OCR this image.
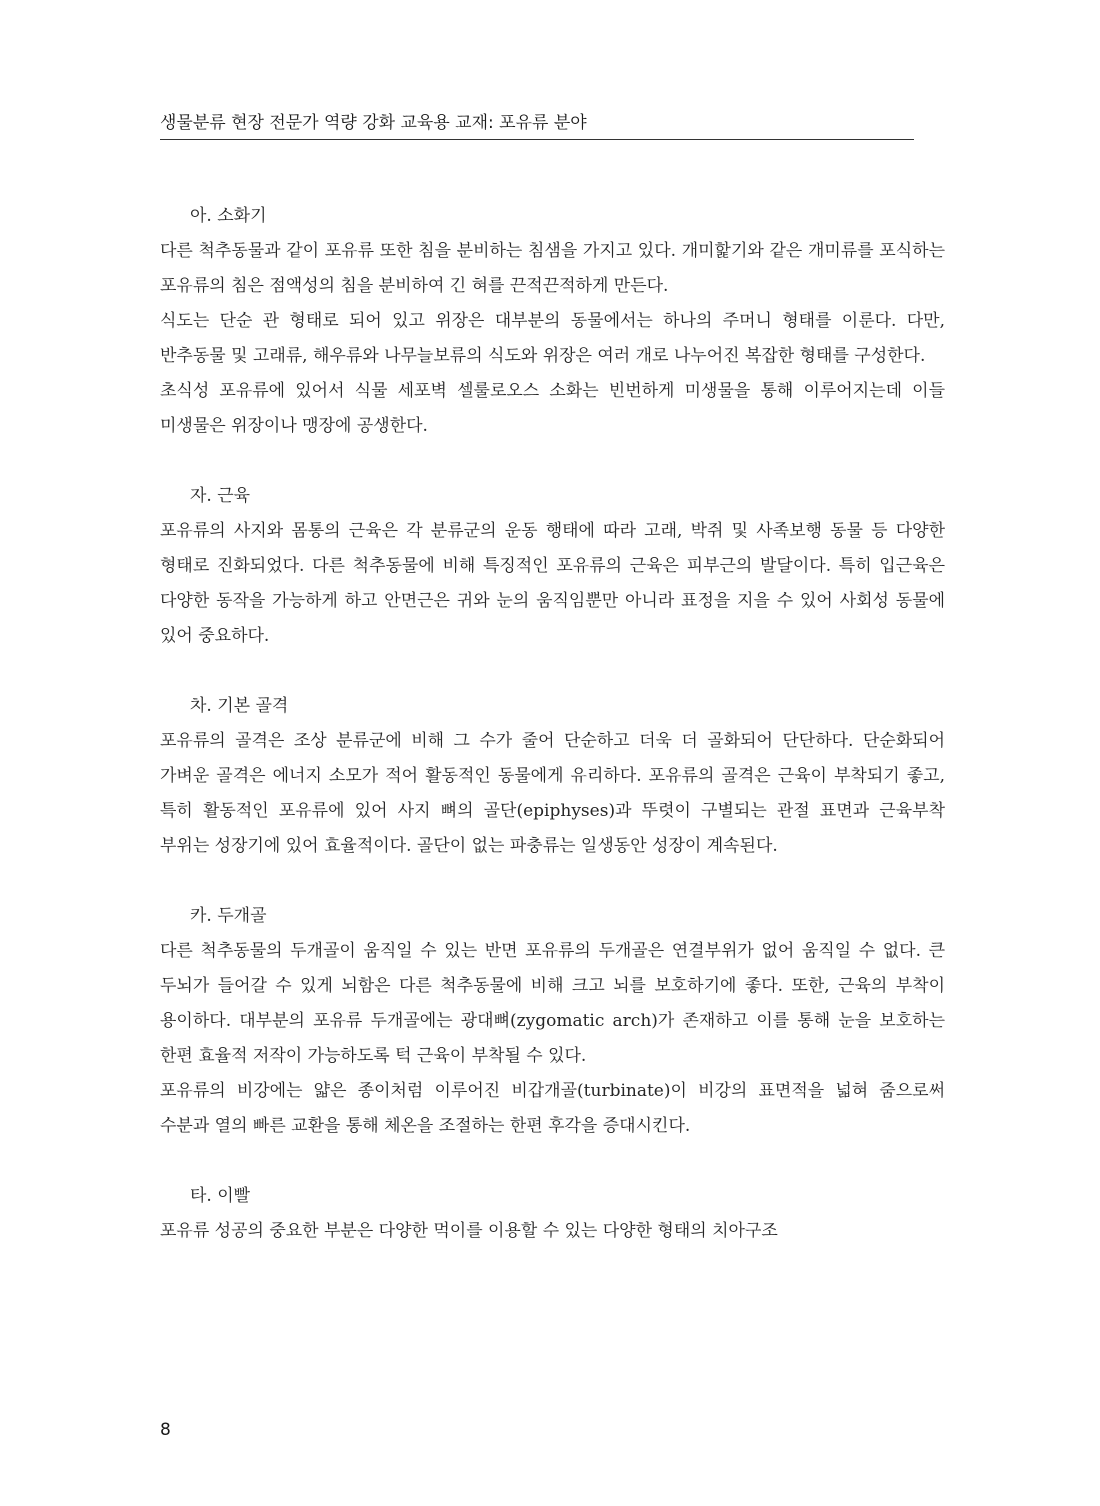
생물분류 현장 전문가 역량 강화 교육용 교재: 포유류 분야
아. 소화기

다른 척추동물과 같이 포유류 또한 침을 분비하는 침샘을 가지고 있다. 개미핥기와 같은 개미류를 포식하는 포유류의 침은 점액성의 침을 분비하여 긴 혀를 끈적끈적하게 만든다.

식도는 단순 관 형태로 되어 있고 위장은 대부분의 동물에서는 하나의 주머니 형태를 이룬다. 다만, 반추동물 및 고래류, 해우류와 나무늘보류의 식도와 위장은 여러 개로 나누어진 복잡한 형태를 구성한다.

초식성 포유류에 있어서 식물 세포벽 셀룰로오스 소화는 빈번하게 미생물을 통해 이루어지는데 이들 미생물은 위장이나 맹장에 공생한다.

자. 근육

포유류의 사지와 몸통의 근육은 각 분류군의 운동 행태에 따라 고래, 박쥐 및 사족보행 동물 등 다양한 형태로 진화되었다. 다른 척추동물에 비해 특징적인 포유류의 근육은 피부근의 발달이다. 특히 입근육은 다양한 동작을 가능하게 하고 안면근은 귀와 눈의 움직임뿐만 아니라 표정을 지을 수 있어 사회성 동물에 있어 중요하다.

차. 기본 골격

포유류의 골격은 조상 분류군에 비해 그 수가 줄어 단순하고 더욱 더 골화되어 단단하다. 단순화되어 가벼운 골격은 에너지 소모가 적어 활동적인 동물에게 유리하다. 포유류의 골격은 근육이 부착되기 좋고, 특히 활동적인 포유류에 있어 사지 뼈의 골단(epiphyses)과 뚜렷이 구별되는 관절 표면과 근육부착 부위는 성장기에 있어 효율적이다. 골단이 없는 파충류는 일생동안 성장이 계속된다.

카. 두개골

다른 척추동물의 두개골이 움직일 수 있는 반면 포유류의 두개골은 연결부위가 없어 움직일 수 없다. 큰 두뇌가 들어갈 수 있게 뇌함은 다른 척추동물에 비해 크고 뇌를 보호하기에 좋다. 또한, 근육의 부착이 용이하다. 대부분의 포유류 두개골에는 광대뼈(zygomatic arch)가 존재하고 이를 통해 눈을 보호하는 한편 효율적 저작이 가능하도록 턱 근육이 부착될 수 있다.

포유류의 비강에는 얇은 종이처럼 이루어진 비갑개골(turbinate)이 비강의 표면적을 넓혀 줌으로써 수분과 열의 빠른 교환을 통해 체온을 조절하는 한편 후각을 증대시킨다.

타. 이빨

포유류 성공의 중요한 부분은 다양한 먹이를 이용할 수 있는 다양한 형태의 치아구조

8
